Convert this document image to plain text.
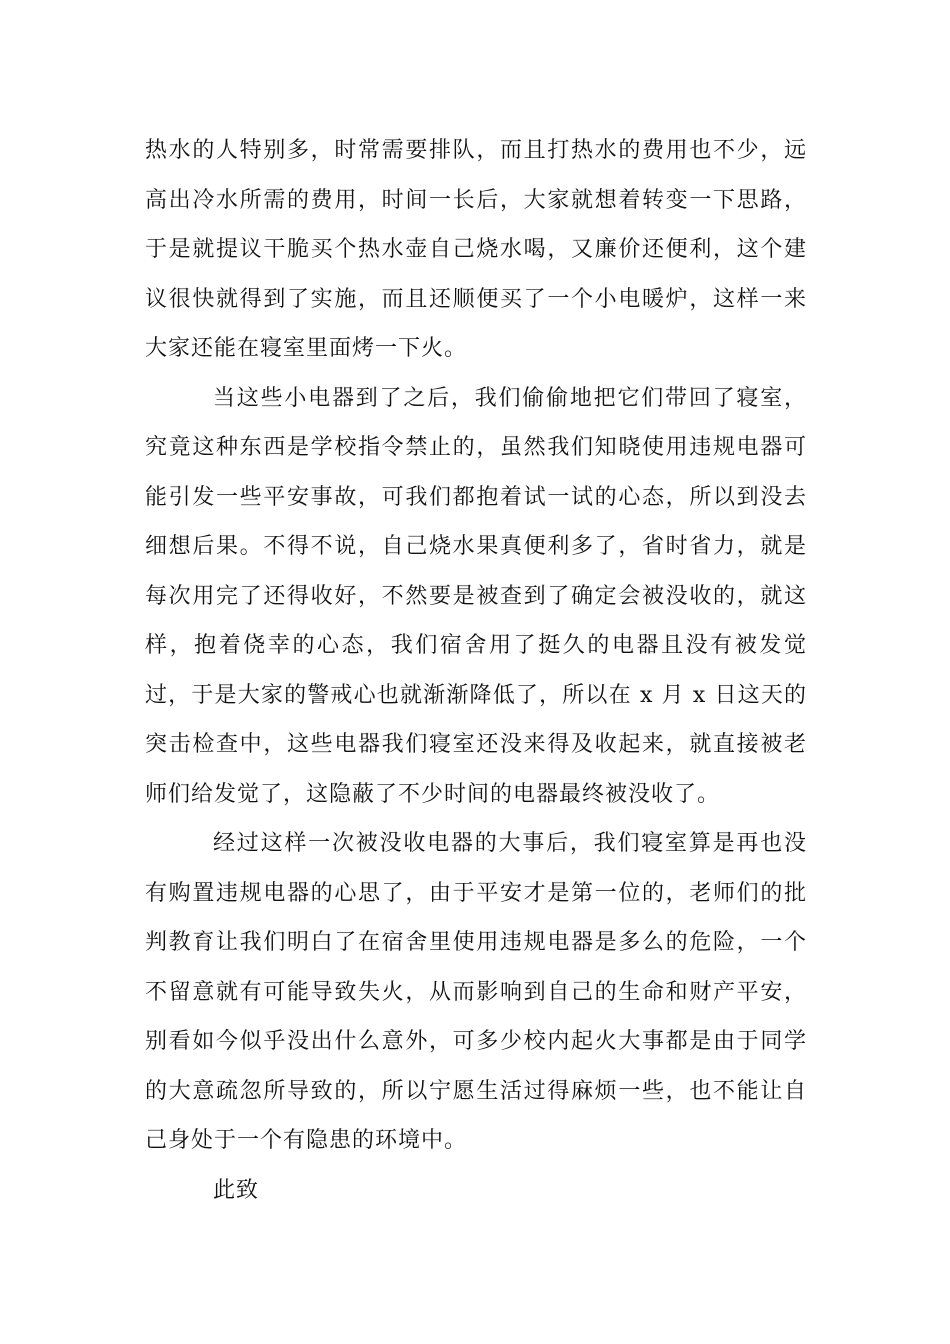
热水的人特别多，时常需要排队，而且打热水的费用也不少，远高出冷水所需的费用，时间一长后，大家就想着转变一下思路，于是就提议干脆买个热水壶自己烧水喝，又廉价还便利，这个建议很快就得到了实施，而且还顺便买了一个小电暖炉，这样一来大家还能在寝室里面烤一下火。

当这些小电器到了之后，我们偷偷地把它们带回了寝室，究竟这种东西是学校指令禁止的，虽然我们知晓使用违规电器可能引发一些平安事故，可我们都抱着试一试的心态，所以到没去细想后果。不得不说，自己烧水果真便利多了，省时省力，就是每次用完了还得收好，不然要是被查到了确定会被没收的，就这样，抱着侥幸的心态，我们宿舍用了挺久的电器且没有被发觉过，于是大家的警戒心也就渐渐降低了，所以在 x 月 x 日这天的突击检查中，这些电器我们寝室还没来得及收起来，就直接被老师们给发觉了，这隐蔽了不少时间的电器最终被没收了。

经过这样一次被没收电器的大事后，我们寝室算是再也没有购置违规电器的心思了，由于平安才是第一位的，老师们的批判教育让我们明白了在宿舍里使用违规电器是多么的危险，一个不留意就有可能导致失火，从而影响到自己的生命和财产平安，别看如今似乎没出什么意外，可多少校内起火大事都是由于同学的大意疏忽所导致的，所以宁愿生活过得麻烦一些，也不能让自己身处于一个有隐患的环境中。

此致
